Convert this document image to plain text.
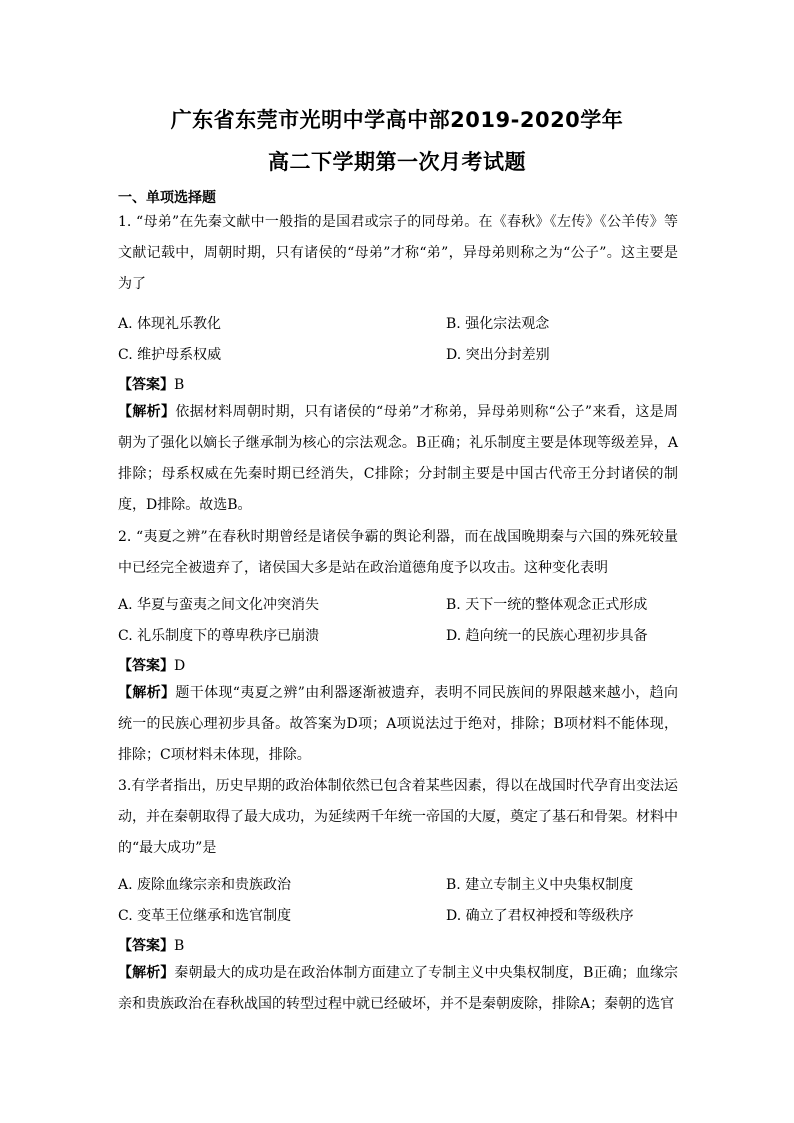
广东省东莞市光明中学高中部2019-2020学年
高二下学期第一次月考试题
一、单项选择题
1. “母弟”在先秦文献中一般指的是国君或宗子的同母弟。在《春秋》《左传》《公羊传》等文献记载中，周朝时期，只有诸侯的“母弟”才称“弟”，异母弟则称之为“公子”。这主要是为了
A. 体现礼乐教化	B. 强化宗法观念
C. 维护母系权威	D. 突出分封差别
【答案】B
【解析】依据材料周朝时期，只有诸侯的“母弟”才称弟，异母弟则称“公子”来看，这是周朝为了强化以嫡长子继承制为核心的宗法观念。B正确；礼乐制度主要是体现等级差异，A排除；母系权威在先秦时期已经消失，C排除；分封制主要是中国古代帝王分封诸侯的制度，D排除。故选B。
2. “夷夏之辨”在春秋时期曾经是诸侯争霸的舆论利器，而在战国晚期秦与六国的殊死较量中已经完全被遗弃了，诸侯国大多是站在政治道德角度予以攻击。这种变化表明
A. 华夏与蛮夷之间文化冲突消失	B. 天下一统的整体观念正式形成
C. 礼乐制度下的尊卑秩序已崩溃	D. 趋向统一的民族心理初步具备
【答案】D
【解析】题干体现“夷夏之辨”由利器逐渐被遗弃，表明不同民族间的界限越来越小，趋向统一的民族心理初步具备。故答案为D项；A项说法过于绝对，排除；B项材料不能体现，排除；C项材料未体现，排除。
3.有学者指出，历史早期的政治体制依然已包含着某些因素，得以在战国时代孕育出变法运动，并在秦朝取得了最大成功，为延续两千年统一帝国的大厦，奠定了基石和骨架。材料中的“最大成功”是
A. 废除血缘宗亲和贵族政治	B. 建立专制主义中央集权制度
C. 变革王位继承和选官制度	D. 确立了君权神授和等级秩序
【答案】B
【解析】秦朝最大的成功是在政治体制方面建立了专制主义中央集权制度，B正确；血缘宗亲和贵族政治在春秋战国的转型过程中就已经破坏，并不是秦朝废除，排除A；秦朝的选官
